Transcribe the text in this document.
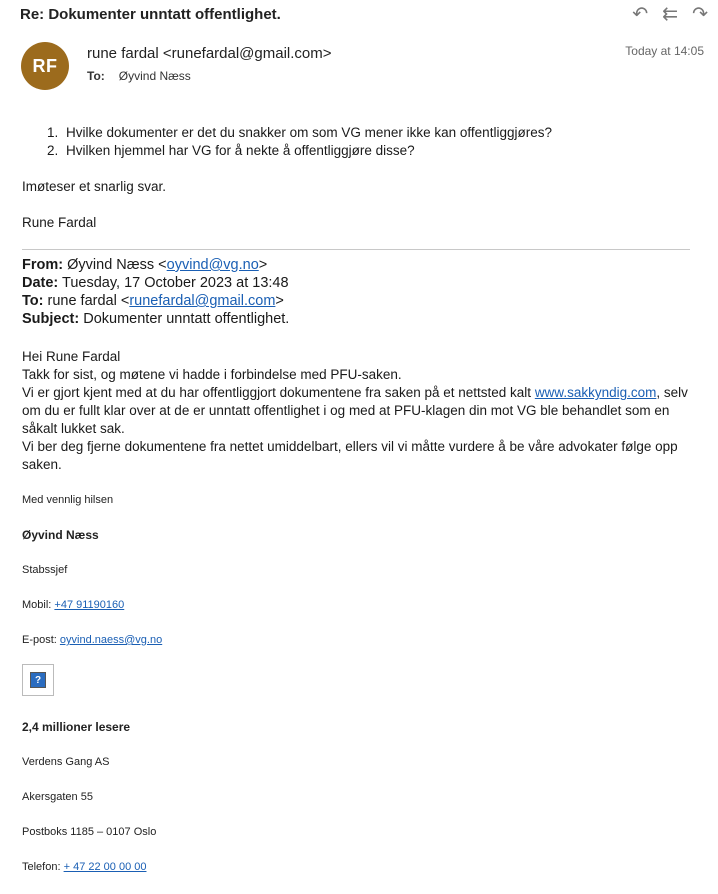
Re: Dokumenter unntatt offentlighet.	↶ ⇇ ↷
RF
rune fardal <runefardal@gmail.com>
To: Øyvind Næss
Today at 14:05
1. Hvilke dokumenter er det du snakker om som VG mener ikke kan offentliggjøres?
2. Hvilken hjemmel har VG for å nekte å offentliggjøre disse?

Imøteser et snarlig svar.

Rune Fardal

From: Øyvind Næss <oyvind@vg.no>
Date: Tuesday, 17 October 2023 at 13:48
To: rune fardal <runefardal@gmail.com>
Subject: Dokumenter unntatt offentlighet.
Hei Rune Fardal
Takk for sist, og møtene vi hadde i forbindelse med PFU-saken.
Vi er gjort kjent med at du har offentliggjort dokumentene fra saken på et nettsted kalt www.sakkyndig.com, selv om du er fullt klar over at de er unntatt offentlighet i og med at PFU-klagen din mot VG ble behandlet som en såkalt lukket sak.
Vi ber deg fjerne dokumentene fra nettet umiddelbart, ellers vil vi måtte vurdere å be våre advokater følge opp saken.
Med vennlig hilsen
Øyvind Næss
Stabssjef
Mobil: +47 91190160
E-post: oyvind.naess@vg.no
?
2,4 millioner lesere
Verdens Gang AS
Akersgaten 55
Postboks 1185 – 0107 Oslo
Telefon: + 47 22 00 00 00
